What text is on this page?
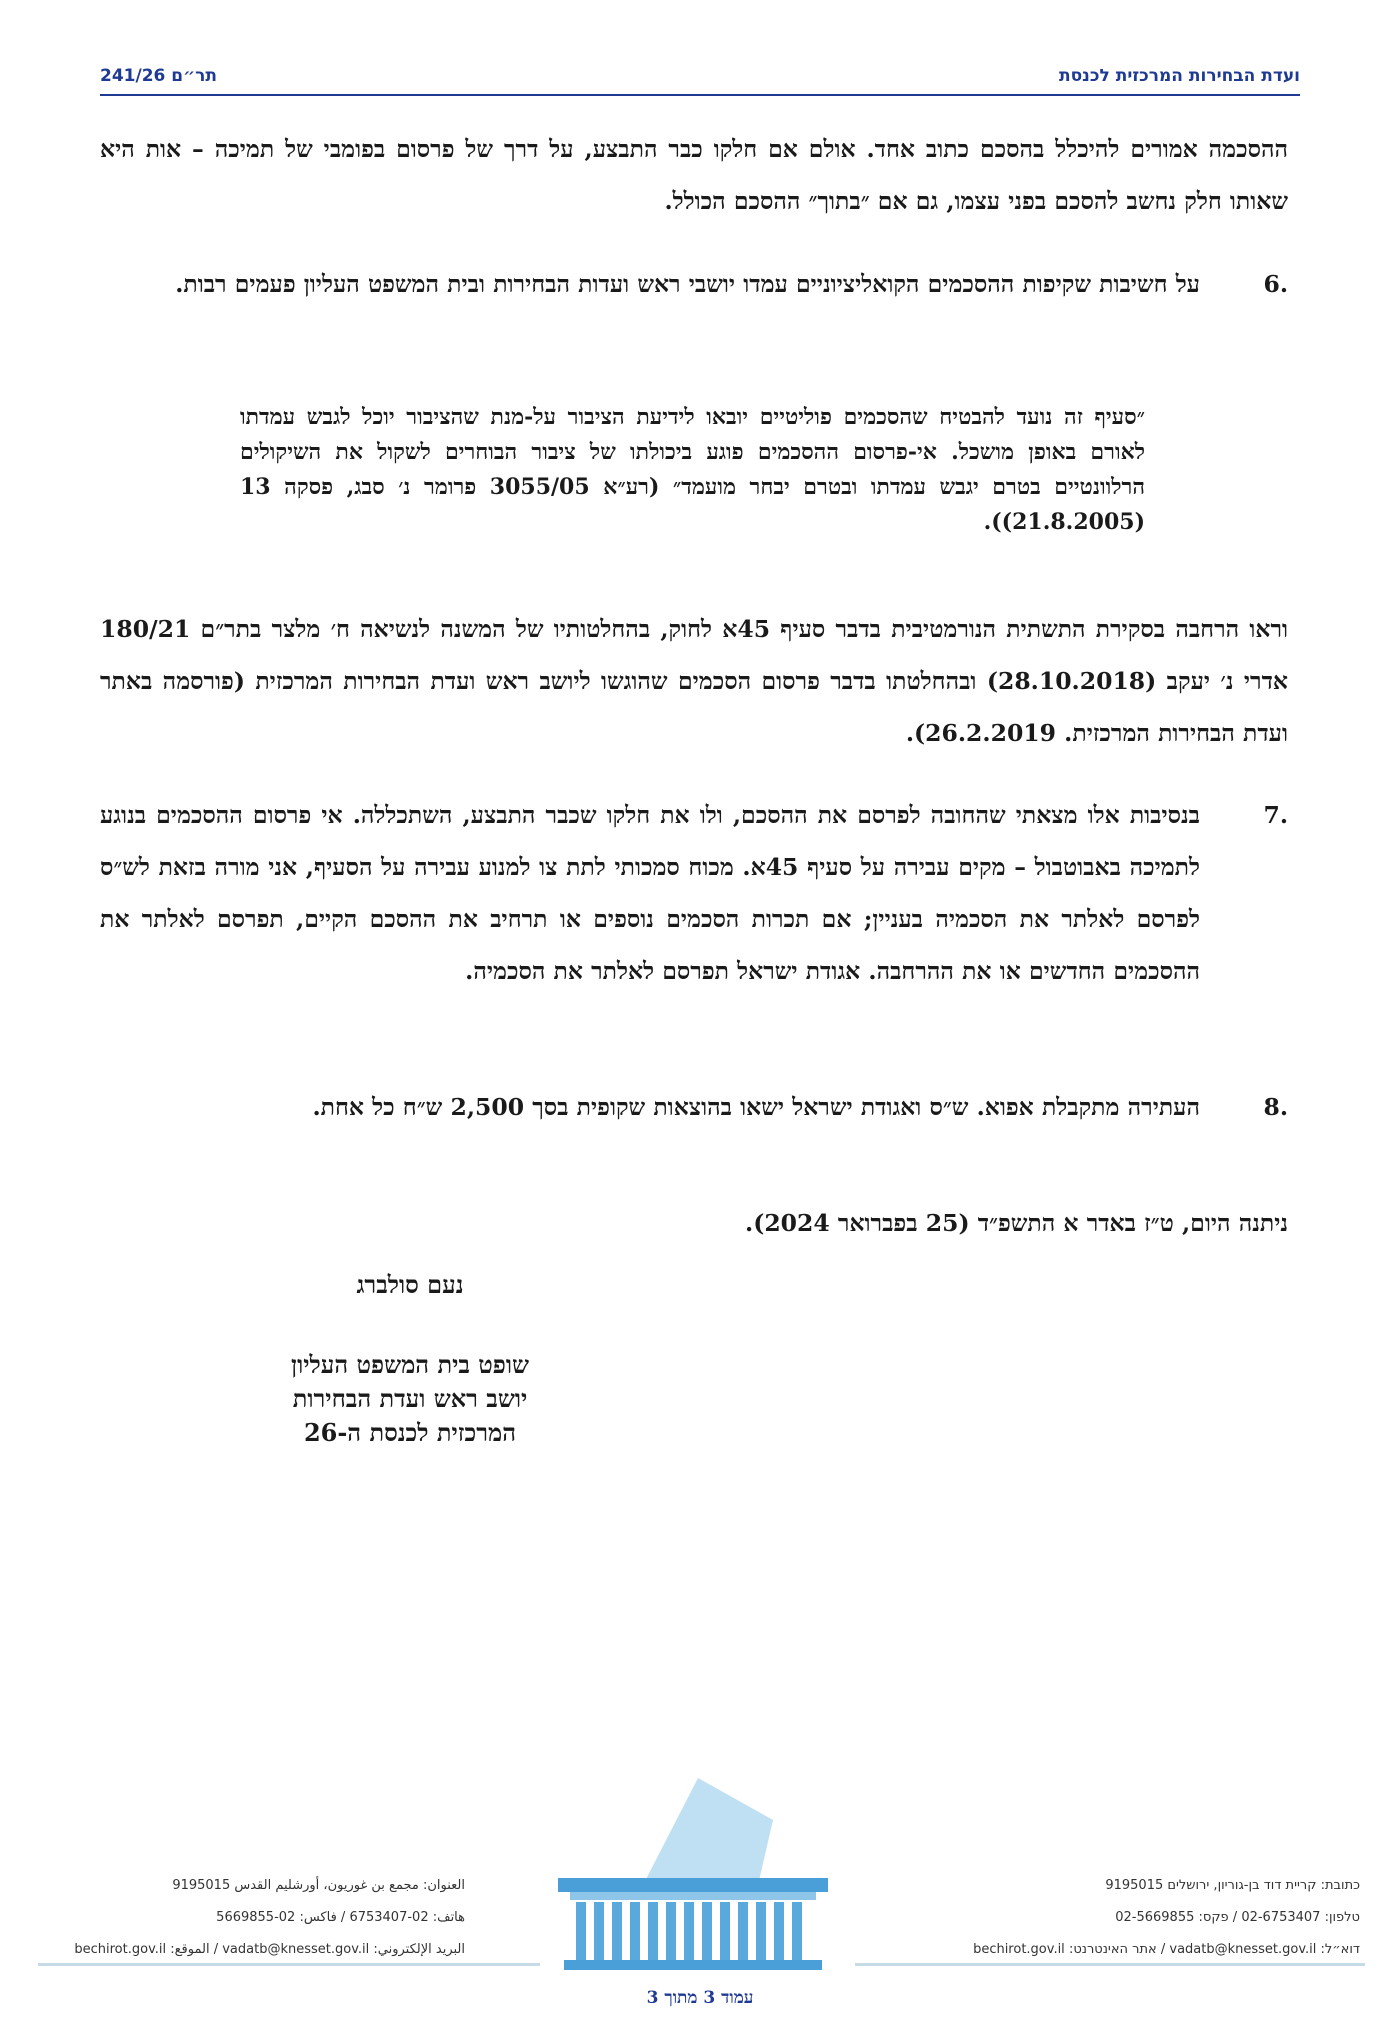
ועדת הבחירות המרכזית לכנסת
תר״ם 241/26
ההסכמה אמורים להיכלל בהסכם כתוב אחד. אולם אם חלקו כבר התבצע, על דרך של פרסום בפומבי של תמיכה – אות היא שאותו חלק נחשב להסכם בפני עצמו, גם אם ״בתוך״ ההסכם הכולל.
.6
על חשיבות שקיפות ההסכמים הקואליציוניים עמדו יושבי ראש ועדות הבחירות ובית המשפט העליון פעמים רבות.
״סעיף זה נועד להבטיח שהסכמים פוליטיים יובאו לידיעת הציבור על-מנת שהציבור יוכל לגבש עמדתו לאורם באופן מושכל. אי-פרסום ההסכמים פוגע ביכולתו של ציבור הבוחרים לשקול את השיקולים הרלוונטיים בטרם יגבש עמדתו ובטרם יבחר מועמד״ (רע״א 3055/05 פרומר נ׳ סבג, פסקה 13 (21.8.2005)).
וראו הרחבה בסקירת התשתית הנורמטיבית בדבר סעיף 45א לחוק, בהחלטותיו של המשנה לנשיאה ח׳ מלצר בתר״ם 180/21 אדרי נ׳ יעקב (28.10.2018) ובהחלטתו בדבר פרסום הסכמים שהוגשו ליושב ראש ועדת הבחירות המרכזית (פורסמה באתר ועדת הבחירות המרכזית. 26.2.2019).
.7
בנסיבות אלו מצאתי שהחובה לפרסם את ההסכם, ולו את חלקו שכבר התבצע, השתכללה. אי פרסום ההסכמים בנוגע לתמיכה באבוטבול – מקים עבירה על סעיף 45א. מכוח סמכותי לתת צו למנוע עבירה על הסעיף, אני מורה בזאת לש״ס לפרסם לאלתר את הסכמיה בעניין; אם תכרות הסכמים נוספים או תרחיב את ההסכם הקיים, תפרסם לאלתר את ההסכמים החדשים או את ההרחבה. אגודת ישראל תפרסם לאלתר את הסכמיה.
.8
העתירה מתקבלת אפוא. ש״ס ואגודת ישראל ישאו בהוצאות שקופית בסך 2,500 ש״ח כל אחת.
ניתנה היום, ט״ז באדר א התשפ״ד (25 בפברואר 2024).
נעם סולברג
שופט בית המשפט העליון
יושב ראש ועדת הבחירות
המרכזית לכנסת ה-26
כתובת: קריית דוד בן-גוריון, ירושלים 9195015
טלפון: 02-6753407 / פקס: 02-5669855
דוא״ל: vadatb@knesset.gov.il / אתר האינטרנט: bechirot.gov.il
العنوان: مجمع بن غوريون، أورشليم القدس 9195015
هاتف: 02-6753407 / فاكس: 02-5669855
البريد الإلكتروني: vadatb@knesset.gov.il / الموقع: bechirot.gov.il
עמוד 3 מתוך 3
